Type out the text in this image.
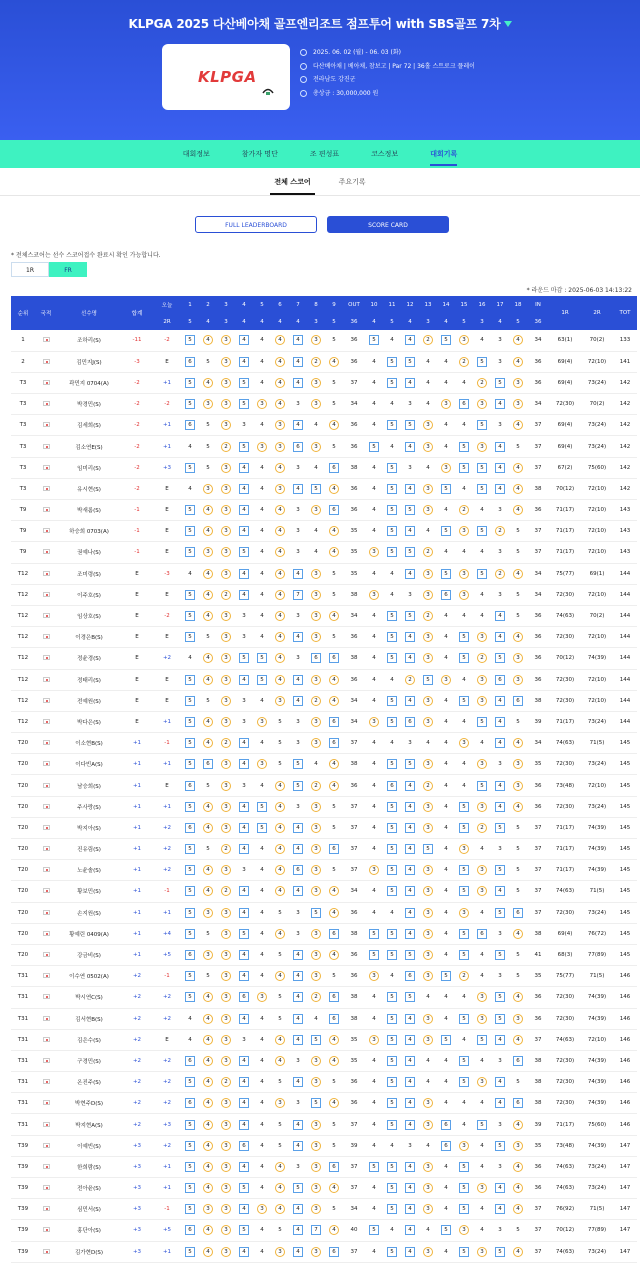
KLPGA 2025 다산베아채 골프엔리조트 점프투어 with SBS골프 7차
KLPGA
2025. 06. 02 (월) - 06. 03 (화)
다산베아채 | 베아채, 참보고 | Par 72 | 36홀 스트로크 플레이
전라남도 강진군
총상금 : 30,000,000 원
대회정보	참가자 명단	조 편성표	코스정보	대회기록
전체 스코어	주요기록
FULL LEADERBOARD	SCORE CARD
* 전체스코어는 선수 스코어접수 완료시 확인 가능합니다.
1R	FR
* 라운드 마감 : 2025-06-03 14:13:22
순위	국적	선수명	합계	오늘	1	2	3	4	5	6	7	8	9	OUT	10	11	12	13	14	15	16	17	18	IN	1R	2R	TOT
				2R	5	4	3	4	4	4	4	3	5	36	4	5	4	3	4	5	3	4	5	36			
1		조하리(S)	-11	-2	5	4	3	4	4	4	4	3	5	36	5	4	4	2	5	3	4	3	4	34	63(1)	70(2)	133
2		김민지J(S)	-3	E	6	5	3	4	4	4	4	2	4	36	4	5	5	4	4	2	5	3	4	36	69(4)	72(10)	141
T3		곽민지 0704(A)	-2	+1	5	4	3	5	4	4	4	3	5	37	4	5	4	4	4	4	2	5	3	36	69(4)	73(24)	142
T3		박경민(S)	-2	-2	5	3	3	5	3	4	3	3	5	34	4	4	3	4	3	6	3	4	3	34	72(30)	70(2)	142
T3		김세희(S)	-2	+1	6	5	3	3	4	3	4	4	4	36	4	5	5	3	4	4	5	3	4	37	69(4)	73(24)	142
T3		김소연E(S)	-2	+1	4	5	2	5	3	3	6	3	5	36	5	4	4	3	4	5	3	4	5	37	69(4)	73(24)	142
T3		임미리(S)	-2	+3	5	5	3	4	4	4	3	4	6	38	4	5	3	4	3	5	5	4	4	37	67(2)	75(60)	142
T3		유시현(S)	-2	E	4	3	3	4	4	3	4	5	4	36	4	5	4	3	5	4	5	4	4	38	70(12)	72(10)	142
T9		박새롬(S)	-1	E	5	4	3	4	4	4	3	3	6	36	4	5	5	3	4	2	4	3	4	36	71(17)	72(10)	143
T9		하승희 0703(A)	-1	E	5	4	3	4	4	4	3	4	4	35	4	5	4	4	5	3	5	2	5	37	71(17)	72(10)	143
T9		권예나(S)	-1	E	5	3	3	5	4	4	3	4	4	35	3	5	5	2	4	4	4	3	5	37	71(17)	72(10)	143
T12		조미령(S)	E	-3	4	4	3	4	4	4	4	3	5	35	4	4	4	3	5	3	5	2	4	34	75(77)	69(1)	144
T12		이주호(S)	E	E	5	4	2	4	4	4	7	3	5	38	3	4	3	3	6	3	4	3	5	34	72(30)	72(10)	144
T12		임상호(S)	E	-2	5	4	3	3	4	4	3	3	4	34	4	5	5	2	4	4	4	4	5	36	74(63)	70(2)	144
T12		이경은B(S)	E	E	5	5	3	3	4	4	4	3	5	36	4	5	4	3	4	5	3	4	4	36	72(30)	72(10)	144
T12		정윤경(S)	E	+2	4	4	3	5	5	4	3	6	6	38	4	5	4	3	4	5	2	5	3	36	70(12)	74(39)	144
T12		정태리(S)	E	E	5	4	3	4	5	4	4	3	4	36	4	4	2	5	3	4	3	6	3	36	72(30)	72(10)	144
T12		전예원(S)	E	E	5	5	3	3	4	3	4	2	4	34	4	5	4	3	4	5	3	4	6	38	72(30)	72(10)	144
T12		박다은(S)	E	+1	5	4	3	3	3	5	3	3	6	34	3	5	6	3	4	4	5	4	5	39	71(17)	73(24)	144
T20		이소현B(S)	+1	-1	5	4	2	4	4	5	3	3	6	37	4	4	3	4	4	3	4	4	4	34	74(63)	71(5)	145
T20		이다빈A(S)	+1	+1	5	6	3	4	3	5	5	4	4	38	4	5	5	3	4	4	3	3	3	35	72(30)	73(24)	145
T20		남승희(S)	+1	E	6	5	3	3	4	4	5	2	4	36	4	6	4	2	4	4	5	4	3	36	73(48)	72(10)	145
T20		주사랑(S)	+1	+1	5	4	3	4	5	4	3	3	5	37	4	5	4	3	4	5	3	4	4	36	72(30)	73(24)	145
T20		박지아(S)	+1	+2	6	4	3	4	5	4	4	3	5	37	4	5	4	3	4	5	2	5	5	37	71(17)	74(39)	145
T20		진유림(S)	+1	+2	5	5	2	4	4	4	4	3	6	37	4	5	4	5	4	3	4	3	5	37	71(17)	74(39)	145
T20		노윤솔(S)	+1	+2	5	4	3	3	4	4	6	3	5	37	3	5	4	3	4	5	3	5	5	37	71(17)	74(39)	145
T20		황보민(S)	+1	-1	5	4	2	4	4	4	4	3	4	34	4	5	4	3	4	5	3	4	5	37	74(63)	71(5)	145
T20		손지원(S)	+1	+1	5	3	3	4	4	5	3	5	4	36	4	4	4	3	4	3	4	5	6	37	72(30)	73(24)	145
T20		황예린 0409(A)	+1	+4	5	5	3	5	4	4	3	3	6	38	5	5	4	3	4	5	6	3	4	38	69(4)	76(72)	145
T20		강금비(S)	+1	+5	6	3	3	4	4	5	4	3	4	36	5	5	5	3	4	5	4	5	5	41	68(3)	77(89)	145
T31		이수연 0502(A)	+2	-1	5	5	3	4	4	4	4	3	5	36	3	4	6	3	5	2	4	3	5	35	75(77)	71(5)	146
T31		박시연C(S)	+2	+2	5	4	3	6	3	5	4	2	6	38	4	5	5	4	4	4	3	5	4	36	72(30)	74(39)	146
T31		김서현B(S)	+2	+2	4	4	3	4	4	5	4	4	6	38	4	5	4	3	4	5	3	5	3	36	72(30)	74(39)	146
T31		김은수(S)	+2	E	4	4	3	3	4	4	4	5	4	35	3	5	4	3	5	4	5	4	4	37	74(63)	72(10)	146
T31		구경민(S)	+2	+2	6	4	3	4	4	4	3	3	4	35	4	5	4	4	4	5	4	3	6	38	72(30)	74(39)	146
T31		온진주(S)	+2	+2	5	4	2	4	4	5	4	3	5	36	4	5	4	4	4	5	3	4	5	38	72(30)	74(39)	146
T31		박현주D(S)	+2	+2	6	4	3	4	4	3	3	5	4	36	4	5	4	3	4	4	4	4	6	38	72(30)	74(39)	146
T31		박지현A(S)	+2	+3	5	4	3	4	4	5	4	3	5	37	4	5	4	3	6	4	5	3	4	39	71(17)	75(60)	146
T39		이예빈(S)	+3	+2	5	4	3	6	4	5	4	3	5	39	4	4	3	4	6	3	4	5	3	35	73(48)	74(39)	147
T39		한희람(S)	+3	+1	5	4	3	4	4	4	3	3	6	37	5	5	4	3	4	5	4	3	4	36	74(63)	73(24)	147
T39		전아윤(S)	+3	+1	5	4	3	5	4	4	5	3	4	37	4	5	4	3	4	5	3	4	4	36	74(63)	73(24)	147
T39		심민서(S)	+3	-1	5	3	3	4	3	4	4	3	5	34	4	5	4	3	4	5	4	4	4	37	76(92)	71(5)	147
T39		홍단아(S)	+3	+5	6	4	3	5	4	5	4	7	4	40	5	4	4	4	5	3	4	3	5	37	70(12)	77(89)	147
T39		김가현D(S)	+3	+1	5	4	3	4	4	3	4	3	6	37	4	5	4	3	4	5	3	5	4	37	74(63)	73(24)	147
